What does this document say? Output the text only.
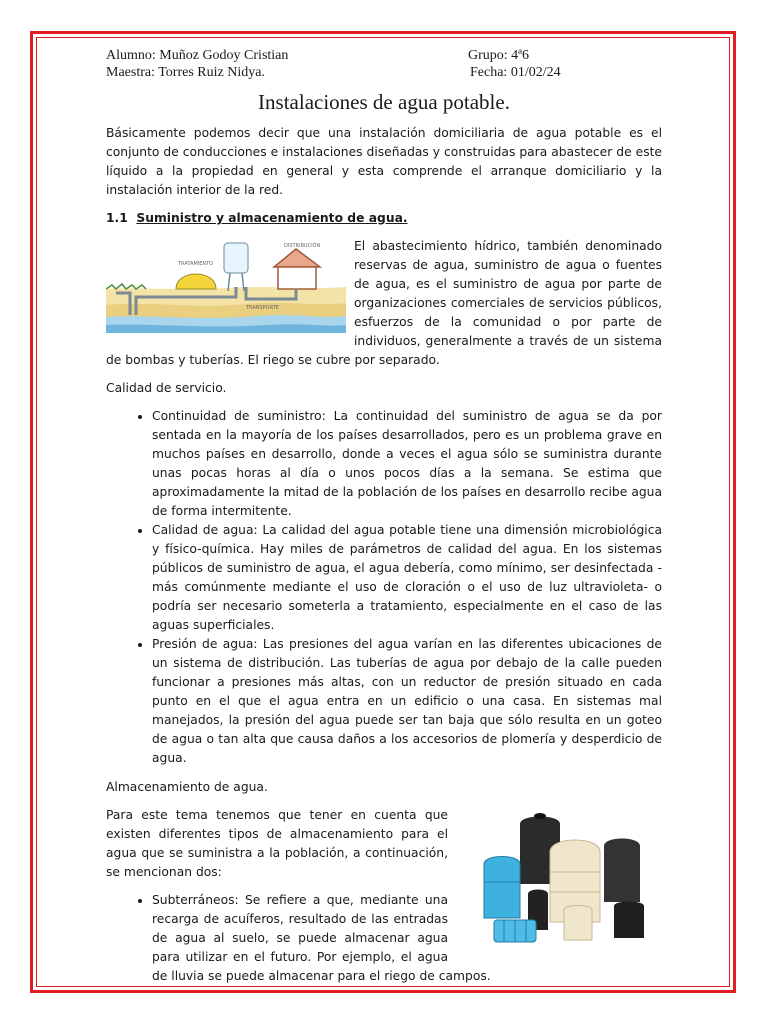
Alumno: Muñoz Godoy Cristian
Maestra: Torres Ruiz Nidya.
Grupo: 4ª6
Fecha: 01/02/24
Instalaciones de agua potable.

Básicamente podemos decir que una instalación domiciliaria de agua potable es el conjunto de conducciones e instalaciones diseñadas y construidas para abastecer de este líquido a la propiedad en general y esta comprende el arranque domiciliario y la instalación interior de la red.

1.1 Suministro y almacenamiento de agua.
TRATAMIENTO
DISTRIBUCIÓN
TRANSPORTE

El abastecimiento hídrico, también denominado reservas de agua, suministro de agua o fuentes de agua, es el suministro de agua por parte de organizaciones comerciales de servicios públicos, esfuerzos de la comunidad o por parte de individuos, generalmente a través de un sistema de bombas y tuberías. El riego se cubre por separado.

Calidad de servicio.

• Continuidad de suministro: La continuidad del suministro de agua se da por sentada en la mayoría de los países desarrollados, pero es un problema grave en muchos países en desarrollo, donde a veces el agua sólo se suministra durante unas pocas horas al día o unos pocos días a la semana. Se estima que aproximadamente la mitad de la población de los países en desarrollo recibe agua de forma intermitente.
• Calidad de agua: La calidad del agua potable tiene una dimensión microbiológica y físico-química. Hay miles de parámetros de calidad del agua. En los sistemas públicos de suministro de agua, el agua debería, como mínimo, ser desinfectada -más comúnmente mediante el uso de cloración o el uso de luz ultravioleta- o podría ser necesario someterla a tratamiento, especialmente en el caso de las aguas superficiales.
• Presión de agua: Las presiones del agua varían en las diferentes ubicaciones de un sistema de distribución. Las tuberías de agua por debajo de la calle pueden funcionar a presiones más altas, con un reductor de presión situado en cada punto en el que el agua entra en un edificio o una casa. En sistemas mal manejados, la presión del agua puede ser tan baja que sólo resulta en un goteo de agua o tan alta que causa daños a los accesorios de plomería y desperdicio de agua.

Almacenamiento de agua.

Para este tema tenemos que tener en cuenta que existen diferentes tipos de almacenamiento para el agua que se suministra a la población, a continuación, se mencionan dos:

• Subterráneos: Se refiere a que, mediante una recarga de acuíferos, resultado de las entradas de agua al suelo, se puede almacenar agua para utilizar en el futuro. Por ejemplo, el agua de lluvia se puede almacenar para el riego de campos.
